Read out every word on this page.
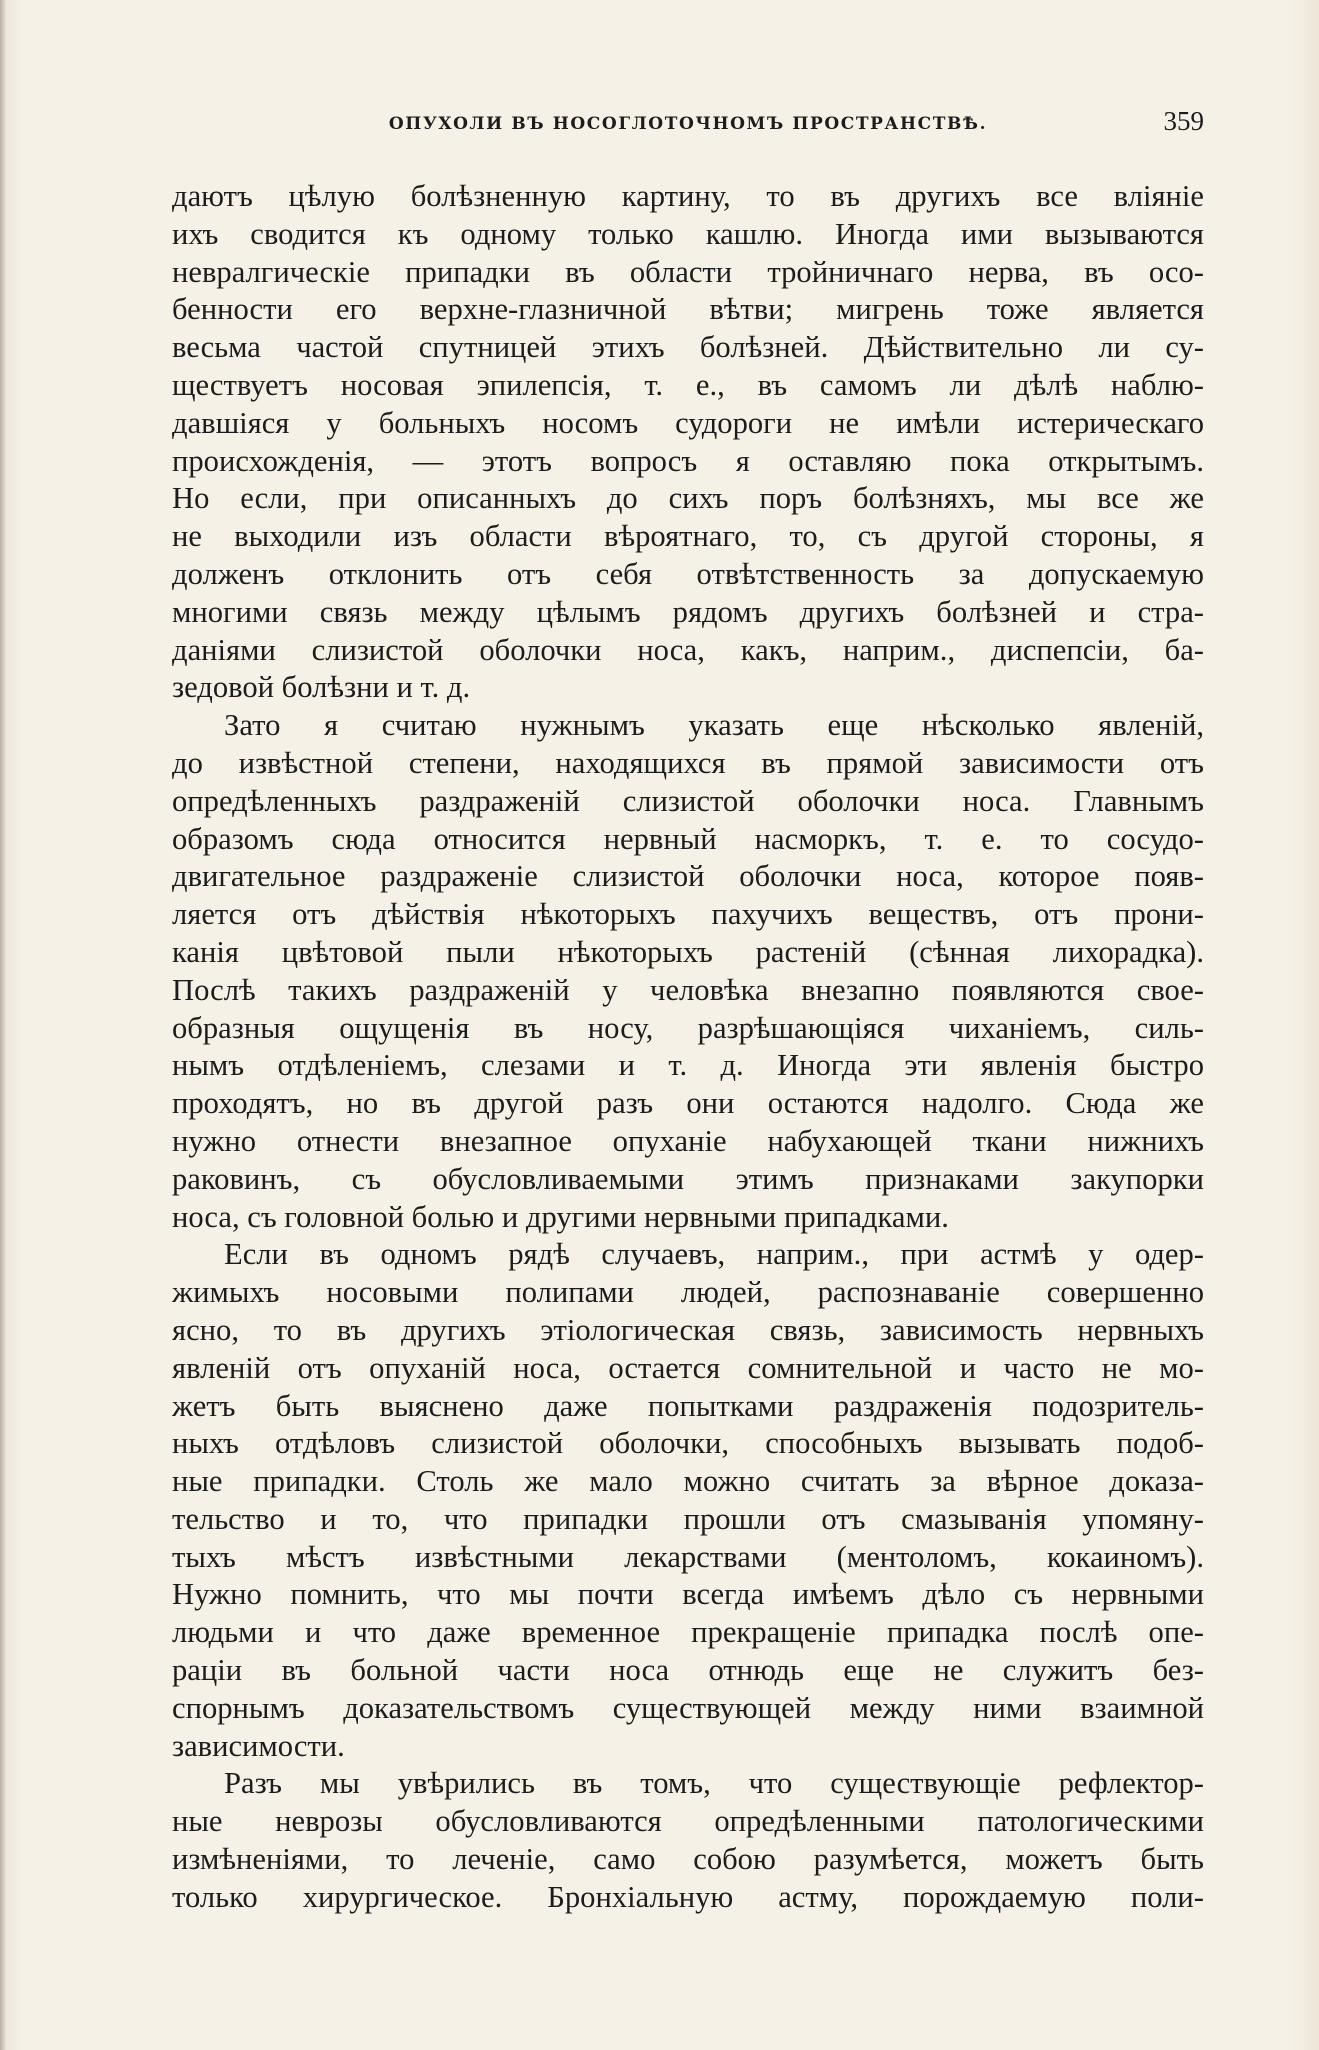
ОПУХОЛИ ВЪ НОСОГЛОТОЧНОМЪ ПРОСТРАНСТВѢ.	359
даютъ цѣлую болѣзненную картину, то въ другихъ все вліяніе
ихъ сводится къ одному только кашлю. Иногда ими вызываются
невралгическіе припадки въ области тройничнаго нерва, въ осо-
бенности его верхне-глазничной вѣтви; мигрень тоже является
весьма частой спутницей этихъ болѣзней. Дѣйствительно ли су-
ществуетъ носовая эпилепсія, т. е., въ самомъ ли дѣлѣ наблю-
давшіяся у больныхъ носомъ судороги не имѣли истерическаго
происхожденія, — этотъ вопросъ я оставляю пока открытымъ.
Но если, при описанныхъ до сихъ поръ болѣзняхъ, мы все же
не выходили изъ области вѣроятнаго, то, съ другой стороны, я
долженъ отклонить отъ себя отвѣтственность за допускаемую
многими связь между цѣлымъ рядомъ другихъ болѣзней и стра-
даніями слизистой оболочки носа, какъ, наприм., диспепсіи, ба-
зедовой болѣзни и т. д.
Зато я считаю нужнымъ указать еще нѣсколько явленій,
до извѣстной степени, находящихся въ прямой зависимости отъ
опредѣленныхъ раздраженій слизистой оболочки носа. Главнымъ
образомъ сюда относится нервный насморкъ, т. е. то сосудо-
двигательное раздраженіе слизистой оболочки носа, которое появ-
ляется отъ дѣйствія нѣкоторыхъ пахучихъ веществъ, отъ прони-
канія цвѣтовой пыли нѣкоторыхъ растеній (сѣнная лихорадка).
Послѣ такихъ раздраженій у человѣка внезапно появляются свое-
образныя ощущенія въ носу, разрѣшающіяся чиханіемъ, силь-
нымъ отдѣленіемъ, слезами и т. д. Иногда эти явленія быстро
проходятъ, но въ другой разъ они остаются надолго. Сюда же
нужно отнести внезапное опуханіе набухающей ткани нижнихъ
раковинъ, съ обусловливаемыми этимъ признаками закупорки
носа, съ головной болью и другими нервными припадками.
Если въ одномъ рядѣ случаевъ, наприм., при астмѣ у одер-
жимыхъ носовыми полипами людей, распознаваніе совершенно
ясно, то въ другихъ этіологическая связь, зависимость нервныхъ
явленій отъ опуханій носа, остается сомнительной и часто не мо-
жетъ быть выяснено даже попытками раздраженія подозритель-
ныхъ отдѣловъ слизистой оболочки, способныхъ вызывать подоб-
ные припадки. Столь же мало можно считать за вѣрное доказа-
тельство и то, что припадки прошли отъ смазыванія упомяну-
тыхъ мѣстъ извѣстными лекарствами (ментоломъ, кокаиномъ).
Нужно помнить, что мы почти всегда имѣемъ дѣло съ нервными
людьми и что даже временное прекращеніе припадка послѣ опе-
раціи въ больной части носа отнюдь еще не служитъ без-
спорнымъ доказательствомъ существующей между ними взаимной
зависимости.
Разъ мы увѣрились въ томъ, что существующіе рефлектор-
ные неврозы обусловливаются опредѣленными патологическими
измѣненіями, то леченіе, само собою разумѣется, можетъ быть
только хирургическое. Бронхіальную астму, порождаемую поли-
